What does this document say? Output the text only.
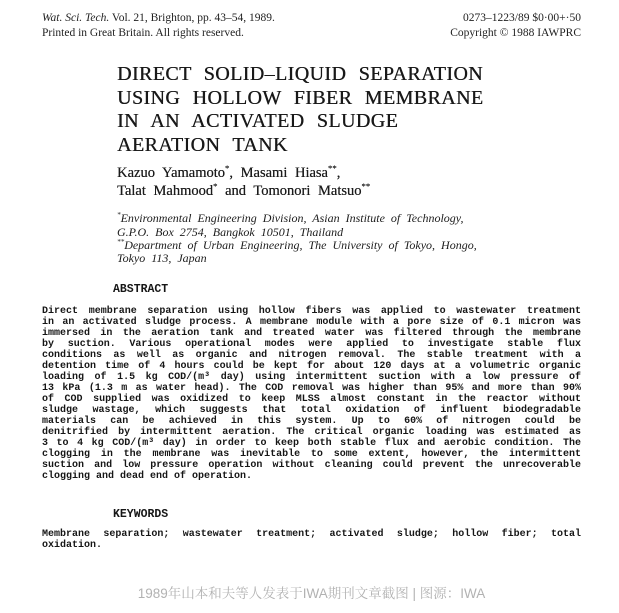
Wat. Sci. Tech. Vol. 21, Brighton, pp. 43–54, 1989.
Printed in Great Britain. All rights reserved.
0273–1223/89 $0·00+·50
Copyright © 1988 IAWPRC
DIRECT SOLID–LIQUID SEPARATION
USING HOLLOW FIBER MEMBRANE
IN AN ACTIVATED SLUDGE
AERATION TANK
Kazuo Yamamoto*, Masami Hiasa**,
Talat Mahmood* and Tomonori Matsuo**
*Environmental Engineering Division, Asian Institute of Technology,
G.P.O. Box 2754, Bangkok 10501, Thailand
**Department of Urban Engineering, The University of Tokyo, Hongo,
Tokyo 113, Japan
ABSTRACT
Direct membrane separation using hollow fibers was applied to wastewater treatment
in an activated sludge process. A membrane module with a pore size of 0.1 micron was
immersed in the aeration tank and treated water was filtered through the membrane
by suction. Various operational modes were applied to investigate stable flux
conditions as well as organic and nitrogen removal. The stable treatment with a
detention time of 4 hours could be kept for about 120 days at a volumetric organic
loading of 1.5 kg COD/(m³ day) using intermittent suction with a low pressure of
13 kPa (1.3 m as water head). The COD removal was higher than 95% and more than 90%
of COD supplied was oxidized to keep MLSS almost constant in the reactor without
sludge wastage, which suggests that total oxidation of influent biodegradable
materials can be achieved in this system. Up to 60% of nitrogen could be
denitrified by intermittent aeration. The critical organic loading was estimated as
3 to 4 kg COD/(m³ day) in order to keep both stable flux and aerobic condition. The
clogging in the membrane was inevitable to some extent, however, the intermittent
suction and low pressure operation without cleaning could prevent the unrecoverable
clogging and dead end of operation.
KEYWORDS
Membrane separation; wastewater treatment; activated sludge; hollow fiber; total
oxidation.
1989年山本和夫等人发表于IWA期刊文章截图 | 图源：IWA
